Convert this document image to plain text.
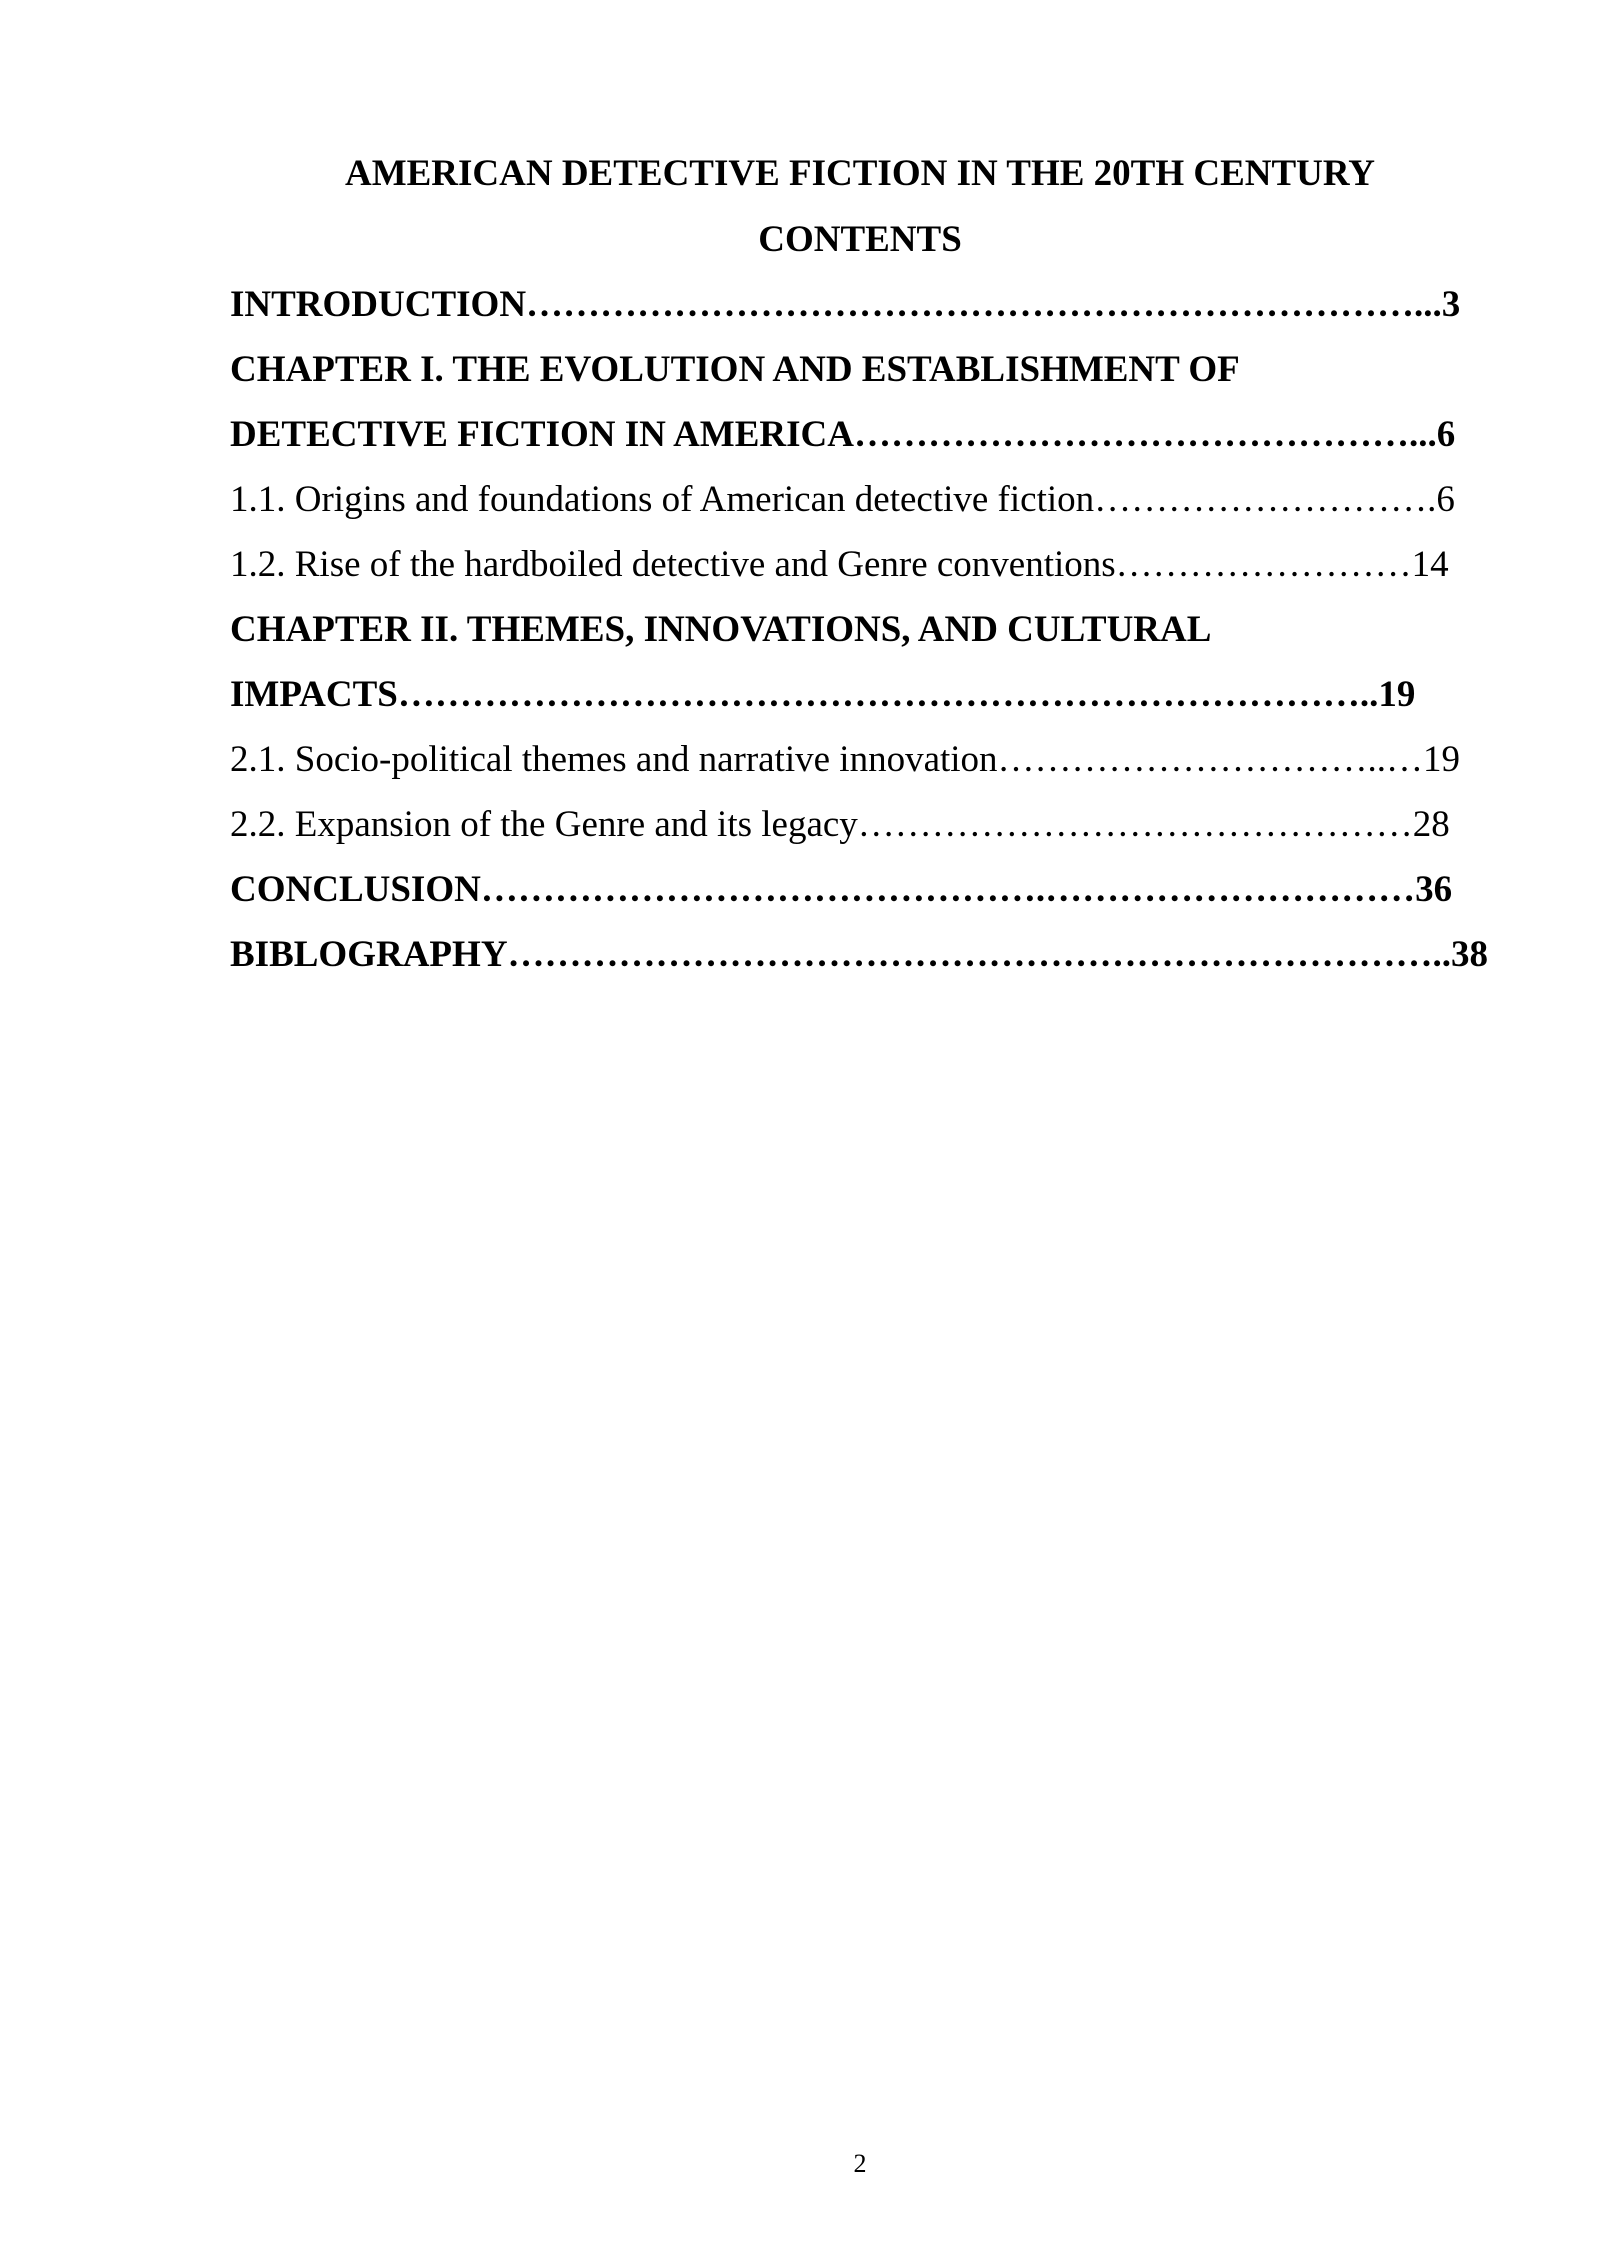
AMERICAN DETECTIVE FICTION IN THE 20TH CENTURY
CONTENTS
INTRODUCTION………………………………………………………………...3
CHAPTER I. THE EVOLUTION AND ESTABLISHMENT OF
DETECTIVE FICTION IN AMERICA………………………………………...6
1.1. Origins and foundations of American detective fiction……………………….6
1.2. Rise of the hardboiled detective and Genre conventions……………………14
CHAPTER II. THEMES, INNOVATIONS, AND CULTURAL
IMPACTS……………………………………………………………………..19
2.1. Socio-political themes and narrative innovation…………………………..…19
2.2. Expansion of the Genre and its legacy………………………………………28
CONCLUSION……………………………………….…………………………36
BIBLOGRAPHY…………………………………………………………………..38
2
